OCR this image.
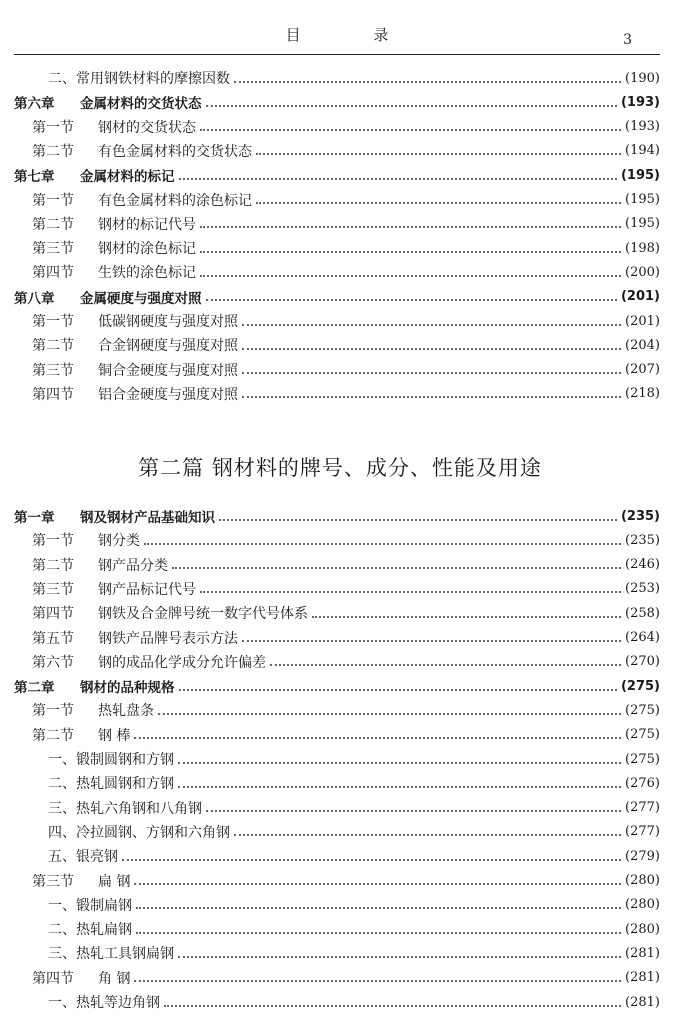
目 录	3
二、常用钢铁材料的摩擦因数	(190)
第六章 金属材料的交货状态	(193)
第一节 钢材的交货状态	(193)
第二节 有色金属材料的交货状态	(194)
第七章 金属材料的标记	(195)
第一节 有色金属材料的涂色标记	(195)
第二节 钢材的标记代号	(195)
第三节 钢材的涂色标记	(198)
第四节 生铁的涂色标记	(200)
第八章 金属硬度与强度对照	(201)
第一节 低碳钢硬度与强度对照	(201)
第二节 合金钢硬度与强度对照	(204)
第三节 铜合金硬度与强度对照	(207)
第四节 铝合金硬度与强度对照	(218)
第二篇 钢材料的牌号、成分、性能及用途
第一章 钢及钢材产品基础知识	(235)
第一节 钢分类	(235)
第二节 钢产品分类	(246)
第三节 钢产品标记代号	(253)
第四节 钢铁及合金牌号统一数字代号体系	(258)
第五节 钢铁产品牌号表示方法	(264)
第六节 钢的成品化学成分允许偏差	(270)
第二章 钢材的品种规格	(275)
第一节 热轧盘条	(275)
第二节 钢 棒	(275)
一、锻制圆钢和方钢	(275)
二、热轧圆钢和方钢	(276)
三、热轧六角钢和八角钢	(277)
四、冷拉圆钢、方钢和六角钢	(277)
五、银亮钢	(279)
第三节 扁 钢	(280)
一、锻制扁钢	(280)
二、热轧扁钢	(280)
三、热轧工具钢扁钢	(281)
第四节 角 钢	(281)
一、热轧等边角钢	(281)
